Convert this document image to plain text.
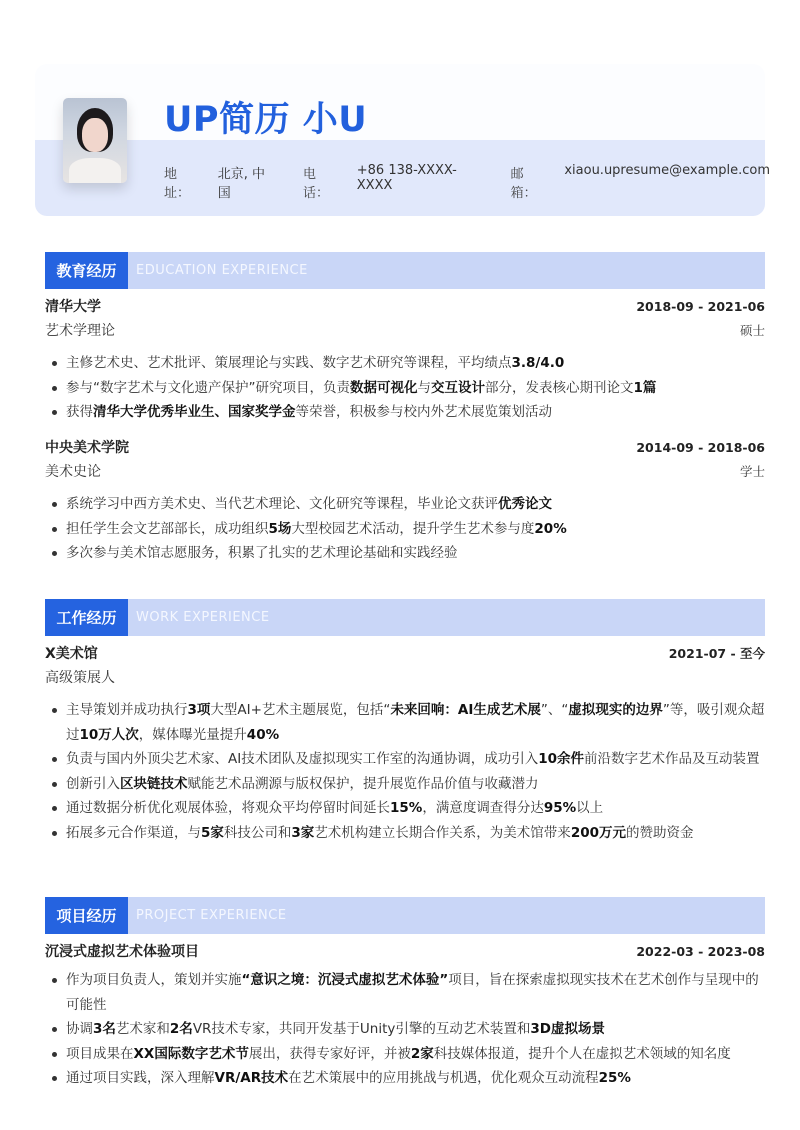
UP简历 小U
地址：
北京, 中国
电话：
+86 138-XXXX-XXXX
邮箱：
xiaou.upresume@example.com
教育经历	EDUCATION EXPERIENCE
清华大学	2018-09 - 2021-06
艺术学理论	硕士
主修艺术史、艺术批评、策展理论与实践、数字艺术研究等课程，平均绩点3.8/4.0
参与“数字艺术与文化遗产保护”研究项目，负责数据可视化与交互设计部分，发表核心期刊论文1篇
获得清华大学优秀毕业生、国家奖学金等荣誉，积极参与校内外艺术展览策划活动
中央美术学院	2014-09 - 2018-06
美术史论	学士
系统学习中西方美术史、当代艺术理论、文化研究等课程，毕业论文获评优秀论文
担任学生会文艺部部长，成功组织5场大型校园艺术活动，提升学生艺术参与度20%
多次参与美术馆志愿服务，积累了扎实的艺术理论基础和实践经验
工作经历	WORK EXPERIENCE
X美术馆	2021-07 - 至今
高级策展人
主导策划并成功执行3项大型AI+艺术主题展览，包括“未来回响：AI生成艺术展”、“虚拟现实的边界”等，吸引观众超过10万人次，媒体曝光量提升40%
负责与国内外顶尖艺术家、AI技术团队及虚拟现实工作室的沟通协调，成功引入10余件前沿数字艺术作品及互动装置
创新引入区块链技术赋能艺术品溯源与版权保护，提升展览作品价值与收藏潜力
通过数据分析优化观展体验，将观众平均停留时间延长15%，满意度调查得分达95%以上
拓展多元合作渠道，与5家科技公司和3家艺术机构建立长期合作关系，为美术馆带来200万元的赞助资金
项目经历	PROJECT EXPERIENCE
沉浸式虚拟艺术体验项目	2022-03 - 2023-08
作为项目负责人，策划并实施“意识之境：沉浸式虚拟艺术体验”项目，旨在探索虚拟现实技术在艺术创作与呈现中的可能性
协调3名艺术家和2名VR技术专家，共同开发基于Unity引擎的互动艺术装置和3D虚拟场景
项目成果在XX国际数字艺术节展出，获得专家好评，并被2家科技媒体报道，提升个人在虚拟艺术领域的知名度
通过项目实践，深入理解VR/AR技术在艺术策展中的应用挑战与机遇，优化观众互动流程25%
